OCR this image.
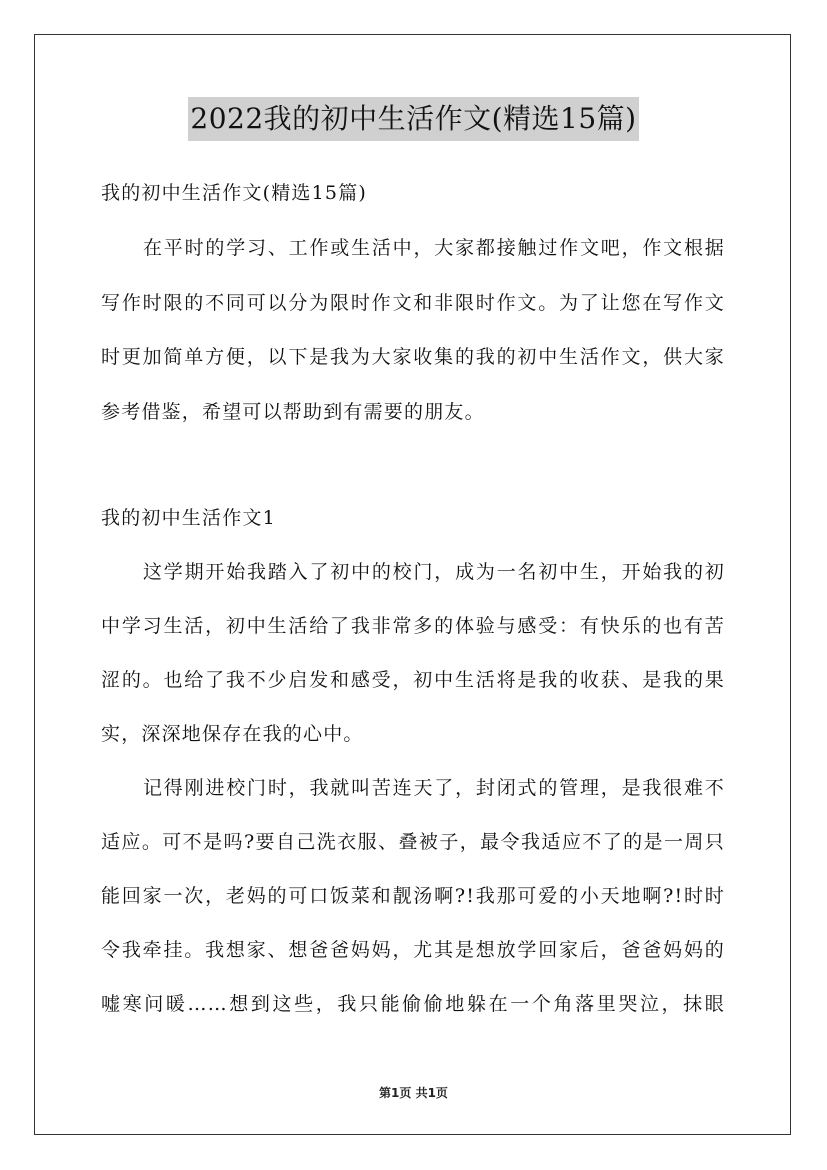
2022我的初中生活作文(精选15篇)
我的初中生活作文(精选15篇)
在平时的学习、工作或生活中，大家都接触过作文吧，作文根据
写作时限的不同可以分为限时作文和非限时作文。为了让您在写作文
时更加简单方便，以下是我为大家收集的我的初中生活作文，供大家
参考借鉴，希望可以帮助到有需要的朋友。
我的初中生活作文1
这学期开始我踏入了初中的校门，成为一名初中生，开始我的初
中学习生活，初中生活给了我非常多的体验与感受：有快乐的也有苦
涩的。也给了我不少启发和感受，初中生活将是我的收获、是我的果
实，深深地保存在我的心中。
记得刚进校门时，我就叫苦连天了，封闭式的管理，是我很难不
适应。可不是吗?要自己洗衣服、叠被子，最令我适应不了的是一周只
能回家一次，老妈的可口饭菜和靓汤啊?!我那可爱的小天地啊?!时时
令我牵挂。我想家、想爸爸妈妈，尤其是想放学回家后，爸爸妈妈的
嘘寒问暖……想到这些，我只能偷偷地躲在一个角落里哭泣，抹眼
第1页 共1页
